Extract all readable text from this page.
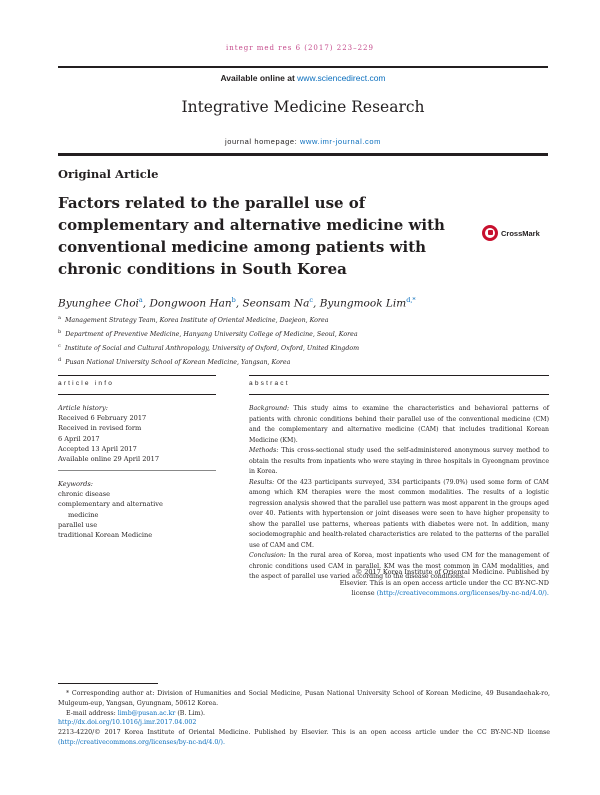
integr med res 6 (2017) 223–229
Available online at www.sciencedirect.com
Integrative Medicine Research
journal homepage: www.imr-journal.com
Original Article
Factors related to the parallel use of complementary and alternative medicine with conventional medicine among patients with chronic conditions in South Korea
CrossMark
Byunghee Choi$^a$, Dongwoon Han$^b$, Seonsam Na$^c$, Byungmook Lim$^{d,*}$
$^a$ Management Strategy Team, Korea Institute of Oriental Medicine, Daejeon, Korea
$^b$ Department of Preventive Medicine, Hanyang University College of Medicine, Seoul, Korea
$^c$ Institute of Social and Cultural Anthropology, University of Oxford, Oxford, United Kingdom
$^d$ Pusan National University School of Korean Medicine, Yangsan, Korea
article info
Article history:
Received 6 February 2017
Received in revised form
6 April 2017
Accepted 13 April 2017
Available online 29 April 2017
Keywords:
chronic disease
complementary and alternative
medicine
parallel use
traditional Korean Medicine
abstract

Background: This study aims to examine the characteristics and behavioral patterns of patients with chronic conditions behind their parallel use of the conventional medicine (CM) and the complementary and alternative medicine (CAM) that includes traditional Korean Medicine (KM).

Methods: This cross-sectional study used the self-administered anonymous survey method to obtain the results from inpatients who were staying in three hospitals in Gyeongnam province in Korea.

Results: Of the 423 participants surveyed, 334 participants (79.0%) used some form of CAM among which KM therapies were the most common modalities. The results of a logistic regression analysis showed that the parallel use pattern was most apparent in the groups aged over 40. Patients with hypertension or joint diseases were seen to have higher propensity to show the parallel use patterns, whereas patients with diabetes were not. In addition, many sociodemographic and health-related characteristics are related to the patterns of the parallel use of CAM and CM.

Conclusion: In the rural area of Korea, most inpatients who used CM for the management of chronic conditions used CAM in parallel. KM was the most common in CAM modalities, and the aspect of parallel use varied according to the disease conditions.

© 2017 Korea Institute of Oriental Medicine. Published by Elsevier. This is an open access article under the CC BY-NC-ND license (http://creativecommons.org/licenses/by-nc-nd/4.0/).
* Corresponding author at: Division of Humanities and Social Medicine, Pusan National University School of Korean Medicine, 49 Busandaehak-ro, Mulgeum-eup, Yangsan, Gyungnam, 50612 Korea.
E-mail address: limb@pusan.ac.kr (B. Lim).
http://dx.doi.org/10.1016/j.imr.2017.04.002
2213-4220/© 2017 Korea Institute of Oriental Medicine. Published by Elsevier. This is an open access article under the CC BY-NC-ND license (http://creativecommons.org/licenses/by-nc-nd/4.0/).
